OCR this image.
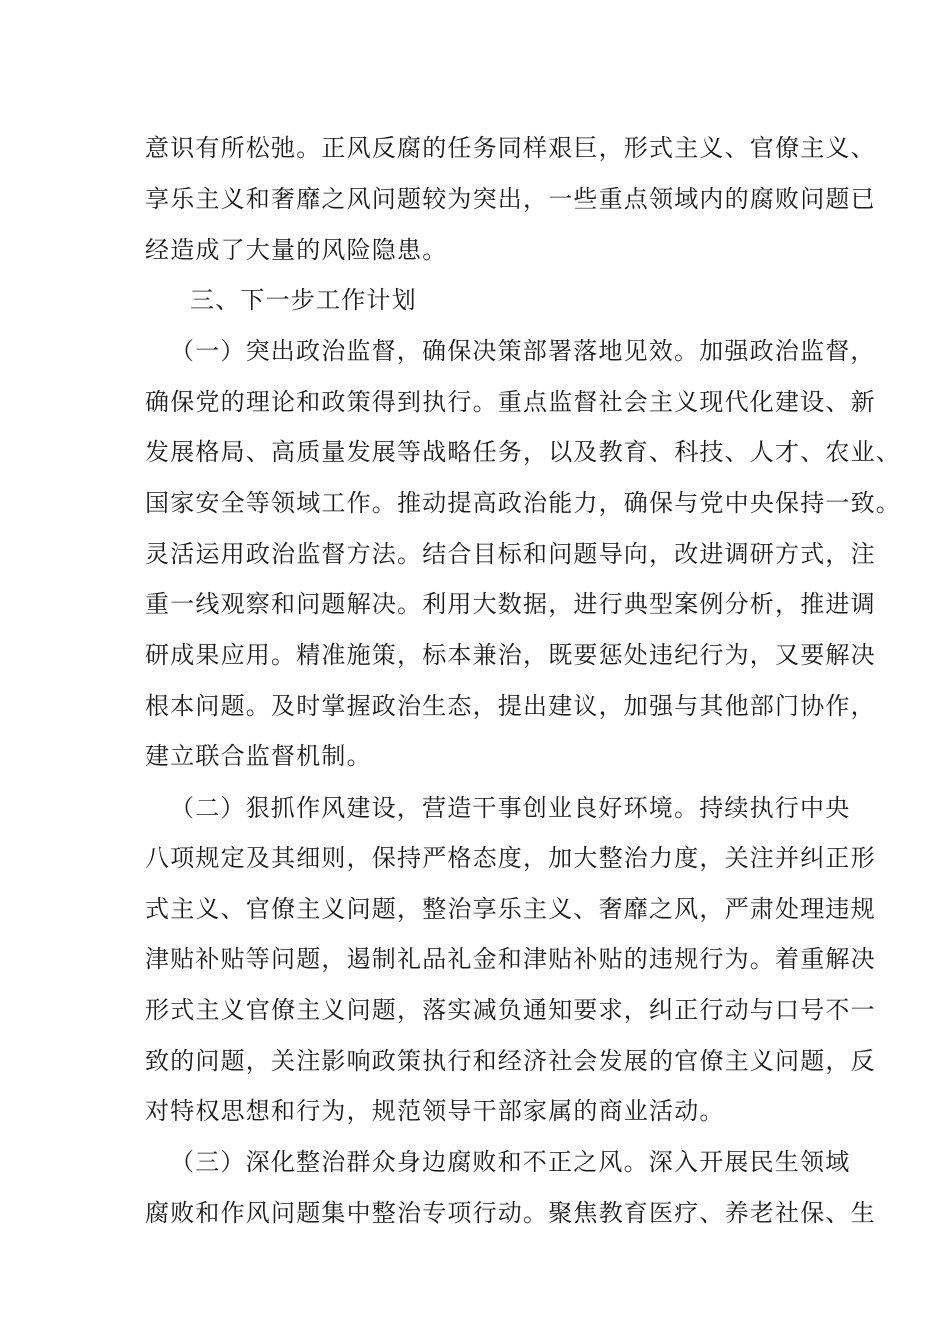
意识有所松弛。正风反腐的任务同样艰巨，形式主义、官僚主义、
享乐主义和奢靡之风问题较为突出，一些重点领域内的腐败问题已
经造成了大量的风险隐患。
三、下一步工作计划
（一）突出政治监督，确保决策部署落地见效。加强政治监督，
确保党的理论和政策得到执行。重点监督社会主义现代化建设、新
发展格局、高质量发展等战略任务，以及教育、科技、人才、农业、
国家安全等领域工作。推动提高政治能力，确保与党中央保持一致。
灵活运用政治监督方法。结合目标和问题导向，改进调研方式，注
重一线观察和问题解决。利用大数据，进行典型案例分析，推进调
研成果应用。精准施策，标本兼治，既要惩处违纪行为，又要解决
根本问题。及时掌握政治生态，提出建议，加强与其他部门协作，
建立联合监督机制。
（二）狠抓作风建设，营造干事创业良好环境。持续执行中央
八项规定及其细则，保持严格态度，加大整治力度，关注并纠正形
式主义、官僚主义问题，整治享乐主义、奢靡之风，严肃处理违规
津贴补贴等问题，遏制礼品礼金和津贴补贴的违规行为。着重解决
形式主义官僚主义问题，落实减负通知要求，纠正行动与口号不一
致的问题，关注影响政策执行和经济社会发展的官僚主义问题，反
对特权思想和行为，规范领导干部家属的商业活动。
（三）深化整治群众身边腐败和不正之风。深入开展民生领域
腐败和作风问题集中整治专项行动。聚焦教育医疗、养老社保、生
